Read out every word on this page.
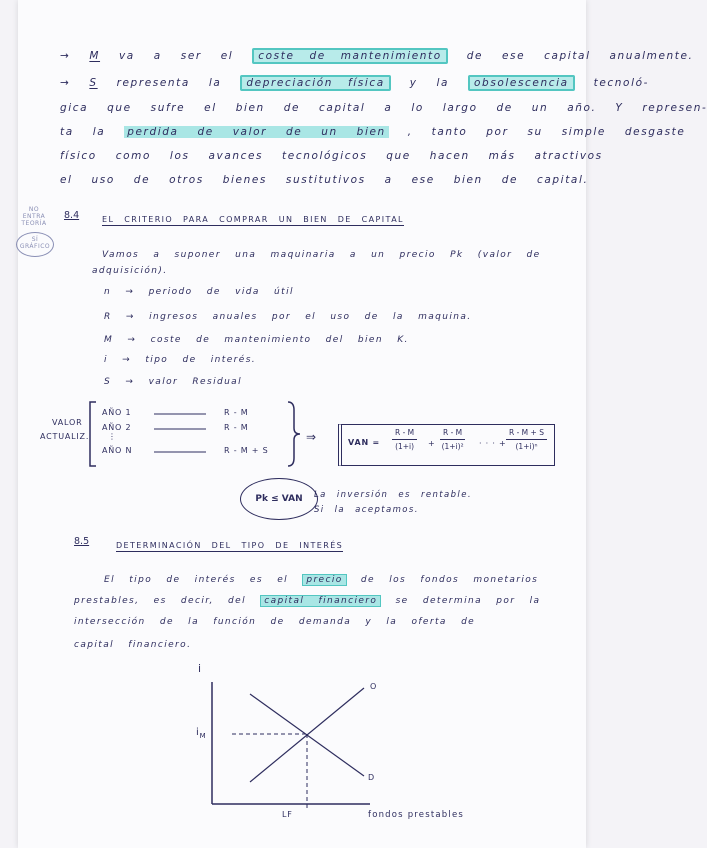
→ M va a ser el coste de mantenimiento de ese capital anualmente.
→ S representa la depreciación física y la obsolescencia tecnoló-
gica que sufre el bien de capital a lo largo de un año. Y represen-
ta la perdida de valor de un bien , tanto por su simple desgaste
físico como los avances tecnológicos que hacen más atractivos
el uso de otros bienes sustitutivos a ese bien de capital.
NO ENTRA TEORÍA
SÍ GRÁFICO
8.4	EL CRITERIO PARA COMPRAR UN BIEN DE CAPITAL
Vamos a suponer una maquinaria a un precio Pk (valor de
adquisición).
n → periodo de vida útil
R → ingresos anuales por el uso de la maquina.
M → coste de mantenimiento del bien K.
i → tipo de interés.
S → valor Residual
VALOR
ACTUALIZ.
AÑO 1	R - M
AÑO 2	R - M
⋮
AÑO N	R - M + S
⇒	VAN = $\frac{R - M}{(1+i)} + \frac{R - M}{\text{(1+i)²}}$ · · · + $\frac{R - M + S}{\text{(1+i)ⁿ}}$
Pk ≤ VAN	La inversión es rentable.
Si la aceptamos.
8.5	DETERMINACIÓN DEL TIPO DE INTERÉS
El tipo de interés es el precio de los fondos monetarios
prestables, es decir, del capital financiero se determina por la
intersección de la función de demanda y la oferta de
capital financiero.
i
O
D
$i_M$
LF	fondos prestables
